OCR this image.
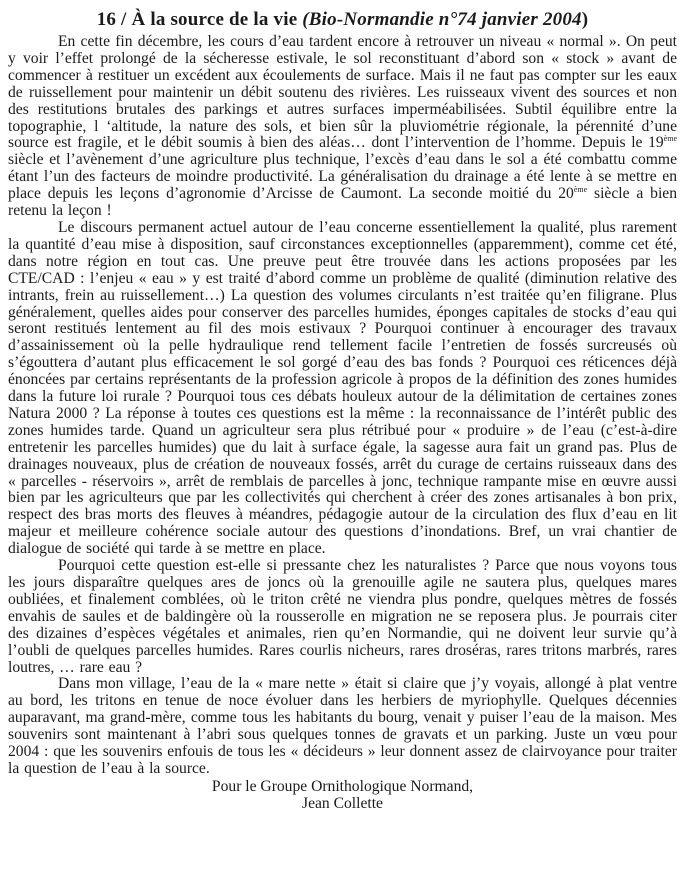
16 / À la source de la vie (Bio-Normandie n°74 janvier 2004)

En cette fin décembre, les cours d’eau tardent encore à retrouver un niveau « normal ». On peut y voir l’effet prolongé de la sécheresse estivale, le sol reconstituant d’abord son « stock » avant de commencer à restituer un excédent aux écoulements de surface. Mais il ne faut pas compter sur les eaux de ruissellement pour maintenir un débit soutenu des rivières. Les ruisseaux vivent des sources et non des restitutions brutales des parkings et autres surfaces imperméabilisées. Subtil équilibre entre la topographie, l ‘altitude, la nature des sols, et bien sûr la pluviométrie régionale, la pérennité d’une source est fragile, et le débit soumis à bien des aléas… dont l’intervention de l’homme. Depuis le 19ème siècle et l’avènement d’une agriculture plus technique, l’excès d’eau dans le sol a été combattu comme étant l’un des facteurs de moindre productivité. La généralisation du drainage a été lente à se mettre en place depuis les leçons d’agronomie d’Arcisse de Caumont. La seconde moitié du 20ème siècle a bien retenu la leçon !

Le discours permanent actuel autour de l’eau concerne essentiellement la qualité, plus rarement la quantité d’eau mise à disposition, sauf circonstances exceptionnelles (apparemment), comme cet été, dans notre région en tout cas. Une preuve peut être trouvée dans les actions proposées par les CTE/CAD : l’enjeu « eau » y est traité d’abord comme un problème de qualité (diminution relative des intrants, frein au ruissellement…) La question des volumes circulants n’est traitée qu’en filigrane. Plus généralement, quelles aides pour conserver des parcelles humides, éponges capitales de stocks d’eau qui seront restitués lentement au fil des mois estivaux ? Pourquoi continuer à encourager des travaux d’assainissement où la pelle hydraulique rend tellement facile l’entretien de fossés surcreusés où s’égouttera d’autant plus efficacement le sol gorgé d’eau des bas fonds ? Pourquoi ces réticences déjà énoncées par certains représentants de la profession agricole à propos de la définition des zones humides dans la future loi rurale ? Pourquoi tous ces débats houleux autour de la délimitation de certaines zones Natura 2000 ? La réponse à toutes ces questions est la même : la reconnaissance de l’intérêt public des zones humides tarde. Quand un agriculteur sera plus rétribué pour « produire » de l’eau (c’est-à-dire entretenir les parcelles humides) que du lait à surface égale, la sagesse aura fait un grand pas. Plus de drainages nouveaux, plus de création de nouveaux fossés, arrêt du curage de certains ruisseaux dans des « parcelles - réservoirs », arrêt de remblais de parcelles à jonc, technique rampante mise en œuvre aussi bien par les agriculteurs que par les collectivités qui cherchent à créer des zones artisanales à bon prix, respect des bras morts des fleuves à méandres, pédagogie autour de la circulation des flux d’eau en lit majeur et meilleure cohérence sociale autour des questions d’inondations. Bref, un vrai chantier de dialogue de société qui tarde à se mettre en place.

Pourquoi cette question est-elle si pressante chez les naturalistes ? Parce que nous voyons tous les jours disparaître quelques ares de joncs où la grenouille agile ne sautera plus, quelques mares oubliées, et finalement comblées, où le triton crêté ne viendra plus pondre, quelques mètres de fossés envahis de saules et de baldingère où la rousserolle en migration ne se reposera plus. Je pourrais citer des dizaines d’espèces végétales et animales, rien qu’en Normandie, qui ne doivent leur survie qu’à l’oubli de quelques parcelles humides. Rares courlis nicheurs, rares droséras, rares tritons marbrés, rares loutres, … rare eau ?

Dans mon village, l’eau de la « mare nette » était si claire que j’y voyais, allongé à plat ventre au bord, les tritons en tenue de noce évoluer dans les herbiers de myriophylle. Quelques décennies auparavant, ma grand-mère, comme tous les habitants du bourg, venait y puiser l’eau de la maison. Mes souvenirs sont maintenant à l’abri sous quelques tonnes de gravats et un parking. Juste un vœu pour 2004 : que les souvenirs enfouis de tous les « décideurs » leur donnent assez de clairvoyance pour traiter la question de l’eau à la source.

Pour le Groupe Ornithologique Normand,
Jean Collette
